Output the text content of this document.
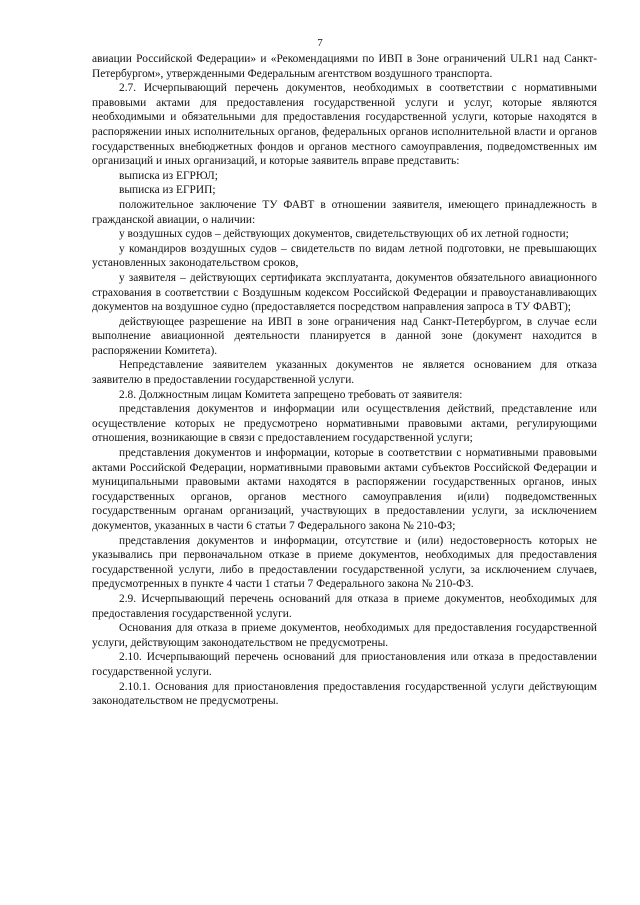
7

авиации Российской Федерации» и «Рекомендациями по ИВП в Зоне ограничений ULR1 над Санкт-Петербургом», утвержденными Федеральным агентством воздушного транспорта.

2.7. Исчерпывающий перечень документов, необходимых в соответствии с нормативными правовыми актами для предоставления государственной услуги и услуг, которые являются необходимыми и обязательными для предоставления государственной услуги, которые находятся в распоряжении иных исполнительных органов, федеральных органов исполнительной власти и органов государственных внебюджетных фондов и органов местного самоуправления, подведомственных им организаций и иных организаций, и которые заявитель вправе представить:

выписка из ЕГРЮЛ;

выписка из ЕГРИП;

положительное заключение ТУ ФАВТ в отношении заявителя, имеющего принадлежность в гражданской авиации, о наличии:

у воздушных судов – действующих документов, свидетельствующих об их летной годности;

у командиров воздушных судов – свидетельств по видам летной подготовки, не превышающих установленных законодательством сроков,

у заявителя – действующих сертификата эксплуатанта, документов обязательного авиационного страхования в соответствии с Воздушным кодексом Российской Федерации и правоустанавливающих документов на воздушное судно (предоставляется посредством направления запроса в ТУ ФАВТ);

действующее разрешение на ИВП в зоне ограничения над Санкт-Петербургом, в случае если выполнение авиационной деятельности планируется в данной зоне (документ находится в распоряжении Комитета).

Непредставление заявителем указанных документов не является основанием для отказа заявителю в предоставлении государственной услуги.

2.8. Должностным лицам Комитета запрещено требовать от заявителя:

представления документов и информации или осуществления действий, представление или осуществление которых не предусмотрено нормативными правовыми актами, регулирующими отношения, возникающие в связи с предоставлением государственной услуги;

представления документов и информации, которые в соответствии с нормативными правовыми актами Российской Федерации, нормативными правовыми актами субъектов Российской Федерации и муниципальными правовыми актами находятся в распоряжении государственных органов, иных государственных органов, органов местного самоуправления и(или) подведомственных государственным органам организаций, участвующих в предоставлении услуги, за исключением документов, указанных в части 6 статьи 7 Федерального закона № 210-ФЗ;

представления документов и информации, отсутствие и (или) недостоверность которых не указывались при первоначальном отказе в приеме документов, необходимых для предоставления государственной услуги, либо в предоставлении государственной услуги, за исключением случаев, предусмотренных в пункте 4 части 1 статьи 7 Федерального закона № 210-ФЗ.

2.9. Исчерпывающий перечень оснований для отказа в приеме документов, необходимых для предоставления государственной услуги.

Основания для отказа в приеме документов, необходимых для предоставления государственной услуги, действующим законодательством не предусмотрены.

2.10. Исчерпывающий перечень оснований для приостановления или отказа в предоставлении государственной услуги.

2.10.1. Основания для приостановления предоставления государственной услуги действующим законодательством не предусмотрены.
